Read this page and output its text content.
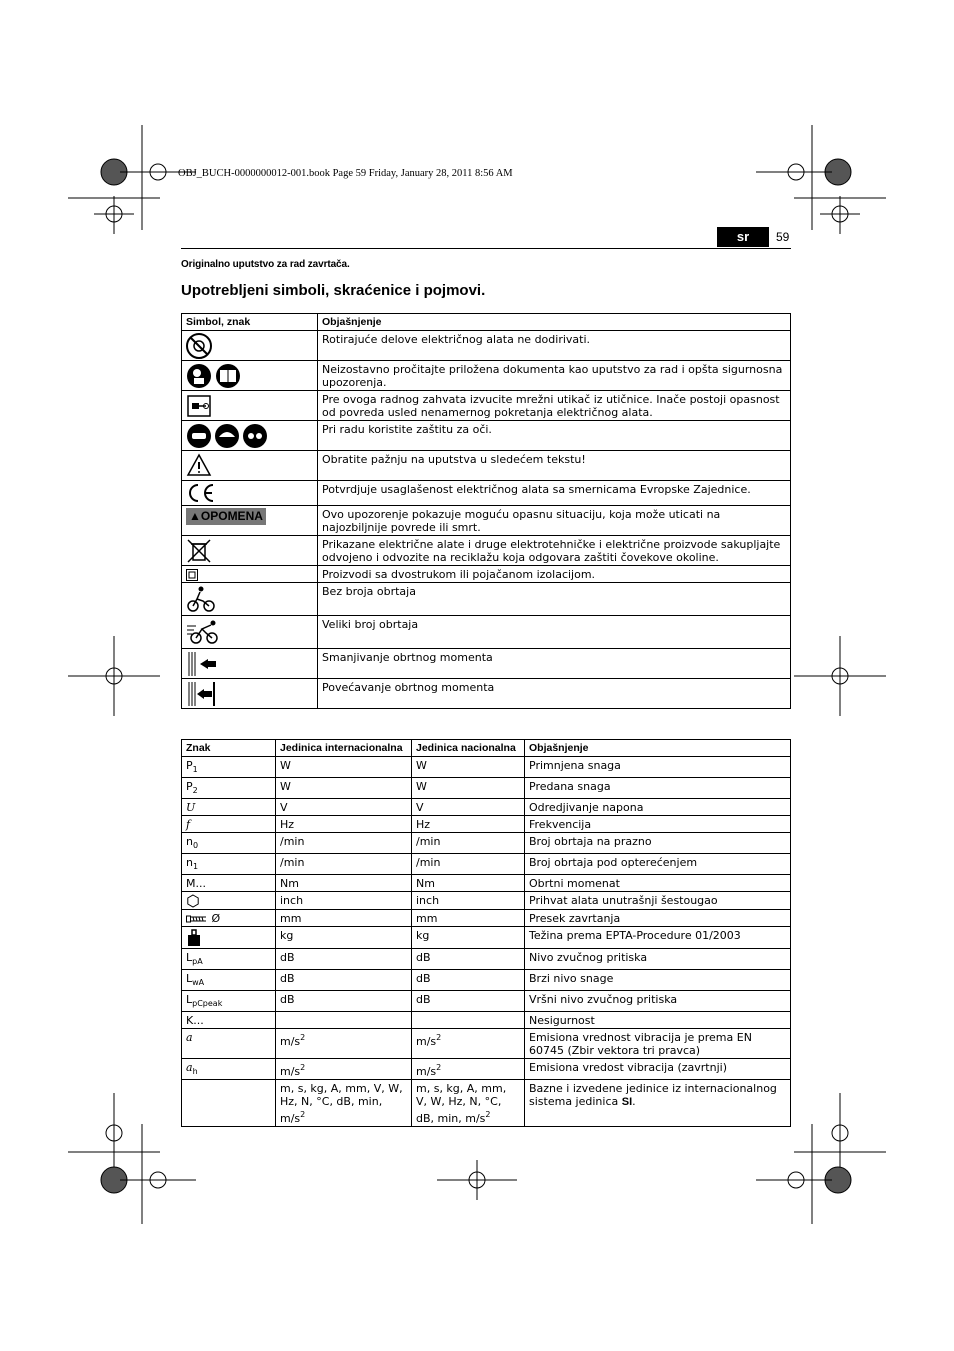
OBJ_BUCH-0000000012-001.book Page 59 Friday, January 28, 2011 8:56 AM
sr	59
Originalno uputstvo za rad zavrtača.
Upotrebljeni simboli, skraćenice i pojmovi.
Simbol, znak	Objašnjenje
	Rotirajuće delove električnog alata ne dodirivati.
	Neizostavno pročitajte priložena dokumenta kao uputstvo za rad i opšta sigurnosna upozorenja.
	Pre ovoga radnog zahvata izvucite mrežni utikač iz utičnice. Inače postoji opasnost od povreda usled nenamernog pokretanja električnog alata.
	Pri radu koristite zaštitu za oči.
	Obratite pažnju na uputstva u sledećem tekstu!
	Potvrdjuje usaglašenost električnog alata sa smernicama Evropske Zajednice.
▲OPOMENA	Ovo upozorenje pokazuje moguću opasnu situaciju, koja može uticati na najozbiljnije povrede ili smrt.
	Prikazane električne alate i druge elektrotehničke i električne proizvode sakupljajte odvojeno i odvozite na reciklažu koja odgovara zaštiti čovekove okoline.
	Proizvodi sa dvostrukom ili pojačanom izolacijom.
	Bez broja obrtaja
	Veliki broj obrtaja
	Smanjivanje obrtnog momenta
	Povećavanje obrtnog momenta
Znak	Jedinica internacionalna	Jedinica nacionalna	Objašnjenje
$P_1$	W	W	Primnjena snaga
$P_2$	W	W	Predana snaga
U	V	V	Odredjivanje napona
f	Hz	Hz	Frekvencija
$n_0$	/min	/min	Broj obrtaja na prazno
$n_1$	/min	/min	Broj obrtaja pod opterećenjem
M...	Nm	Nm	Obrtni momenat
	inch	inch	Prihvat alata unutrašnji šestougao
Ø	mm	mm	Presek zavrtanja
	kg	kg	Težina prema EPTA-Procedure 01/2003
$L_{pA}$	dB	dB	Nivo zvučnog pritiska
$L_{wA}$	dB	dB	Brzi nivo snage
$L_{pCpeak}$	dB	dB	Vršni nivo zvučnog pritiska
K...			Nesigurnost
a	$m/s^2$	$m/s^2$	Emisiona vrednost vibracija je prema EN 60745 (Zbir vektora tri pravca)
$a_h$	$m/s^2$	$m/s^2$	Emisiona vredost vibracija (zavrtnji)
	m, s, kg, A, mm, V, W, Hz, N, °C, dB, min, $m/s^2$	m, s, kg, A, mm, V, W, Hz, N, °C, dB, min, $m/s^2$	Bazne i izvedene jedinice iz internacionalnog sistema jedinica SI.
